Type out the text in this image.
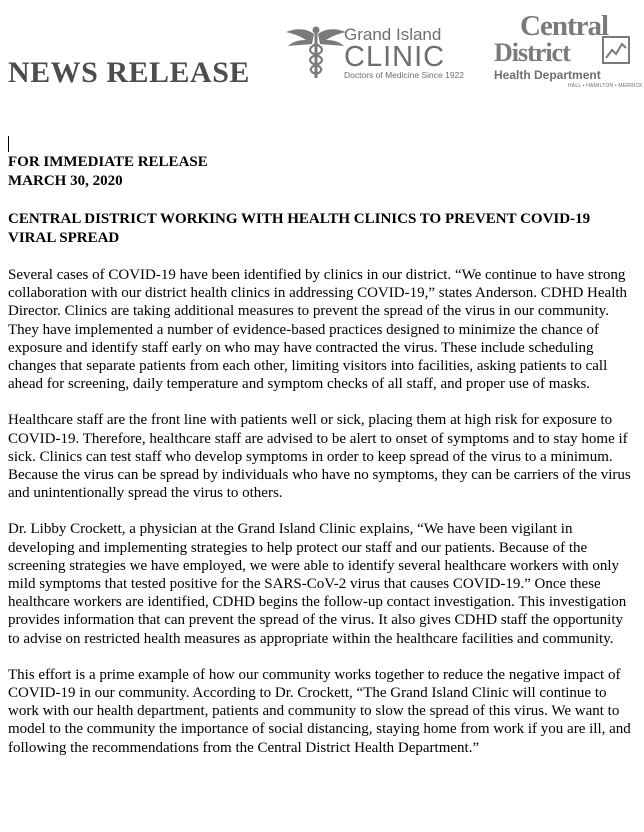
NEWS RELEASE
Grand Island
CLINIC
Doctors of Medicine Since 1922
Central
District
Health Department
HALL • HAMILTON • MERRICK
FOR IMMEDIATE RELEASE
MARCH 30, 2020
CENTRAL DISTRICT WORKING WITH HEALTH CLINICS TO PREVENT COVID-19 VIRAL SPREAD
Several cases of COVID-19 have been identified by clinics in our district. “We continue to have strong collaboration with our district health clinics in addressing COVID-19,” states Anderson. CDHD Health Director. Clinics are taking additional measures to prevent the spread of the virus in our community. They have implemented a number of evidence-based practices designed to minimize the chance of exposure and identify staff early on who may have contracted the virus. These include scheduling changes that separate patients from each other, limiting visitors into facilities, asking patients to call ahead for screening, daily temperature and symptom checks of all staff, and proper use of masks.
Healthcare staff are the front line with patients well or sick, placing them at high risk for exposure to COVID-19. Therefore, healthcare staff are advised to be alert to onset of symptoms and to stay home if sick. Clinics can test staff who develop symptoms in order to keep spread of the virus to a minimum. Because the virus can be spread by individuals who have no symptoms, they can be carriers of the virus and unintentionally spread the virus to others.
Dr. Libby Crockett, a physician at the Grand Island Clinic explains, “We have been vigilant in developing and implementing strategies to help protect our staff and our patients. Because of the screening strategies we have employed, we were able to identify several healthcare workers with only mild symptoms that tested positive for the SARS-CoV-2 virus that causes COVID-19.” Once these healthcare workers are identified, CDHD begins the follow-up contact investigation. This investigation provides information that can prevent the spread of the virus. It also gives CDHD staff the opportunity to advise on restricted health measures as appropriate within the healthcare facilities and community.
This effort is a prime example of how our community works together to reduce the negative impact of COVID-19 in our community. According to Dr. Crockett, “The Grand Island Clinic will continue to work with our health department, patients and community to slow the spread of this virus. We want to model to the community the importance of social distancing, staying home from work if you are ill, and following the recommendations from the Central District Health Department.”
